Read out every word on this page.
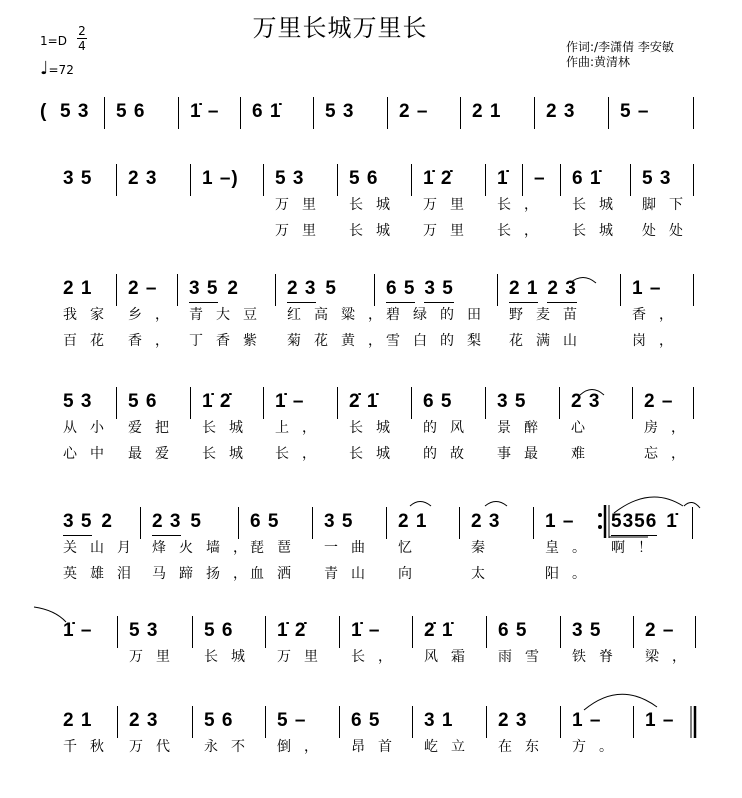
万里长城万里长
1=D
2
4
♩=72
作词:/李潇倩 李安敏
作曲:黄清林
( 5 3	5 6	1̇ –	6 1̇	5 3	2 –	2 1	2 3	5 –
3 5	2 3	1 –)	5 3
万里
万里
5 6
长城
长城
1̇ 2̇
万里
万里
1̇
长，
长，
–	6 1̇
长城
长城
5 3
脚下
处处
2 1
我家
百花
2 –
乡，
香，
3 5 2
青大豆
丁香紫
2 3 5
红高粱，
菊花黄，
6 5 3 5
碧绿的田
雪白的梨
2 1 2 3
野麦苗
花满山
1 –
香，
岗，
5 3
从小
心中
5 6
爱把
最爱
1̇ 2̇
长城
长城
1̇ –
上，
长，
2̇ 1̇
长城
长城
6 5
的风
的故
3 5
景醉
事最
2 3
心
难
2 –
房，
忘，
3 5 2
关山月
英雄泪
2 3 5
烽火墙，
马蹄扬，
6 5
琵琶
血洒
3 5
一曲
青山
2 1
忆
向
2 3
秦
太
1 –
皇。
阳。
5356 1̇
啊！
1̇ –	5 3
万里
5 6
长城
1̇ 2̇
万里
1̇ –
长，
2̇ 1̇
风霜
6 5
雨雪
3 5
铁脊
2 –
梁，
2 1
千秋
2 3
万代
5 6
永不
5 –
倒，
6 5
昂首
3 1
屹立
2 3
在东
1 –
方。
1 –
